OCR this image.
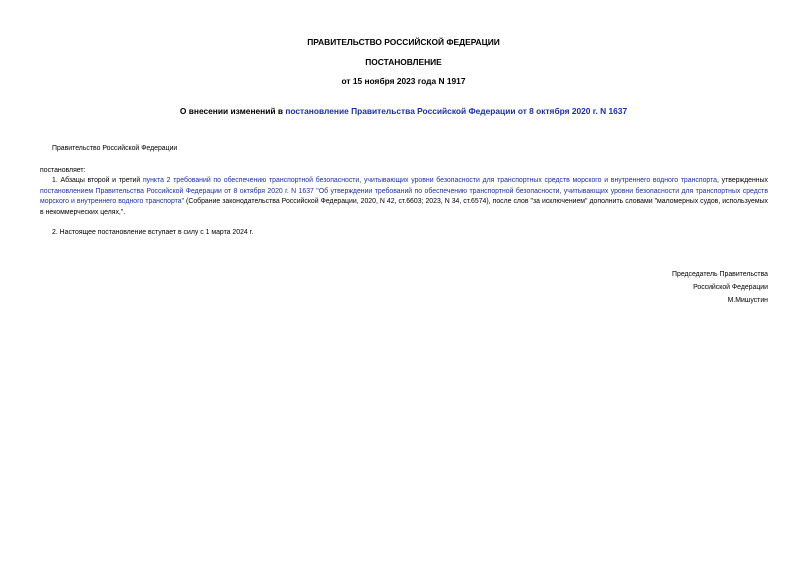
ПРАВИТЕЛЬСТВО РОССИЙСКОЙ ФЕДЕРАЦИИ
ПОСТАНОВЛЕНИЕ
от 15 ноября 2023 года N 1917
О внесении изменений в постановление Правительства Российской Федерации от 8 октября 2020 г. N 1637
Правительство Российской Федерации
постановляет:
1. Абзацы второй и третий пункта 2 требований по обеспечению транспортной безопасности, учитывающих уровни безопасности для транспортных средств морского и внутреннего водного транспорта, утвержденных постановлением Правительства Российской Федерации от 8 октября 2020 г. N 1637 "Об утверждении требований по обеспечению транспортной безопасности, учитывающих уровни безопасности для транспортных средств морского и внутреннего водного транспорта" (Собрание законодательства Российской Федерации, 2020, N 42, ст.6603; 2023, N 34, ст.6574), после слов "за исключением" дополнить словами "маломерных судов, используемых в некоммерческих целях,".
2. Настоящее постановление вступает в силу с 1 марта 2024 г.
Председатель Правительства
Российской Федерации
М.Мишустин
